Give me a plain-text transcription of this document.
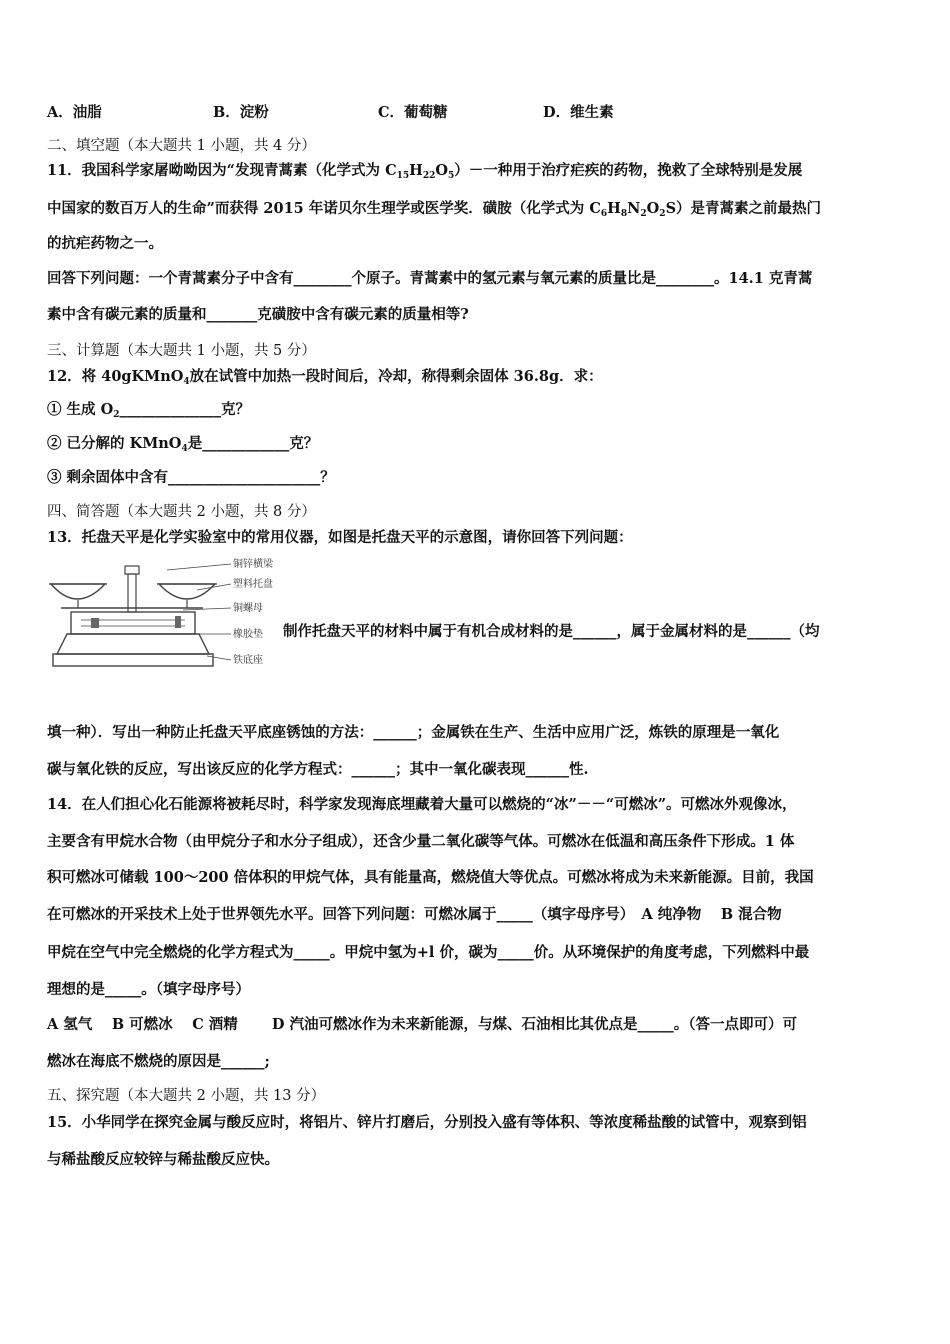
A．油脂	B．淀粉	C．葡萄糖	D．维生素
二、填空题（本大题共 1 小题，共 4 分）
11．我国科学家屠呦呦因为“发现青蒿素（化学式为 $C_{15}H_{22}O_5)-$一种用于治疗疟疾的药物，挽救了全球特别是发展
中国家的数百万人的生命”而获得 2015 年诺贝尔生理学或医学奖．磺胺（化学式为 $C_6H_8N_2O_2S$）是青蒿素之前最热门
的抗疟药物之一。
回答下列问题：一个青蒿素分子中含有________个原子。青蒿素中的氢元素与氧元素的质量比是________。14.1 克青蒿
素中含有碳元素的质量和_______克磺胺中含有碳元素的质量相等?
三、计算题（本大题共 1 小题，共 5 分）
12．将 40gKMnO$_4$放在试管中加热一段时间后，冷却，称得剩余固体 36.8g．求：
① 生成 $O_2\_\_\_\_\_\_\_\_\_\_\_\_\_\_$克？
② 已分解的 KMnO$_4$是____________克？
③ 剩余固体中含有_____________________？
四、简答题（本大题共 2 小题，共 8 分）
13．托盘天平是化学实验室中的常用仪器，如图是托盘天平的示意图，请你回答下列问题：
铜锌横梁
塑料托盘
铜螺母
橡胶垫
铁底座
制作托盘天平的材料中属于有机合成材料的是______，属于金属材料的是______（均
填一种）．写出一种防止托盘天平底座锈蚀的方法：______；金属铁在生产、生活中应用广泛，炼铁的原理是一氧化
碳与氧化铁的反应，写出该反应的化学方程式：______；其中一氧化碳表现______性.
14．在人们担心化石能源将被耗尽时，科学家发现海底埋藏着大量可以燃烧的“冰”－－“可燃冰”。可燃冰外观像冰，
主要含有甲烷水合物（由甲烷分子和水分子组成），还含少量二氧化碳等气体。可燃冰在低温和高压条件下形成。1 体
积可燃冰可储载 100～200 倍体积的甲烷气体，具有能量高，燃烧值大等优点。可燃冰将成为未来新能源。目前，我国
在可燃冰的开采技术上处于世界领先水平。回答下列问题：可燃冰属于_____（填字母序号）　A 纯净物　 B 混合物
甲烷在空气中完全燃烧的化学方程式为_____。甲烷中氢为+l 价，碳为_____价。从环境保护的角度考虑，下列燃料中最
理想的是_____。（填字母序号）
A 氢气　 B 可燃冰　 C 酒精　　 D 汽油可燃冰作为未来新能源，与煤、石油相比其优点是_____。（答一点即可）可
燃冰在海底不燃烧的原因是______;
五、探究题（本大题共 2 小题，共 13 分）
15．小华同学在探究金属与酸反应时，将铝片、锌片打磨后，分别投入盛有等体积、等浓度稀盐酸的试管中，观察到铝
与稀盐酸反应较锌与稀盐酸反应快。
